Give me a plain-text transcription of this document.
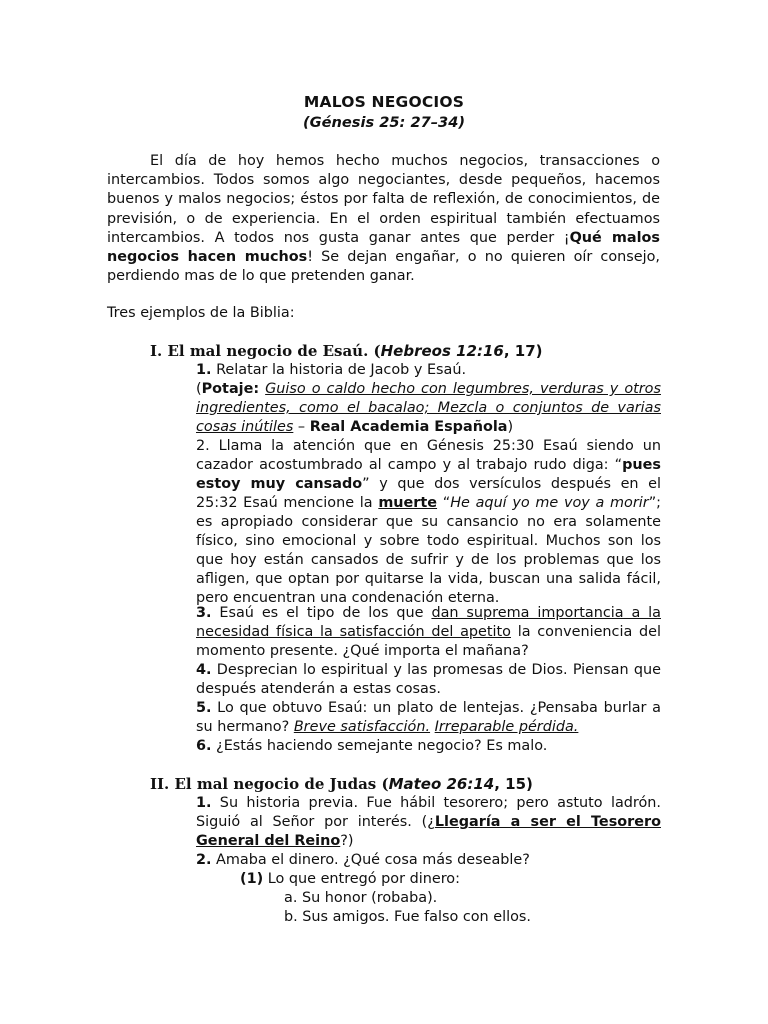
MALOS NEGOCIOS
(Génesis 25: 27–34)

El día de hoy hemos hecho muchos negocios, transacciones o intercambios. Todos somos algo negociantes, desde pequeños, hacemos buenos y malos negocios; éstos por falta de reflexión, de conocimientos, de previsión, o de experiencia. En el orden espiritual también efectuamos intercambios. A todos nos gusta ganar antes que perder ¡Qué malos negocios hacen muchos! Se dejan engañar, o no quieren oír consejo, perdiendo mas de lo que pretenden ganar.

Tres ejemplos de la Biblia:
I. El mal negocio de Esaú. (Hebreos 12:16, 17)
1. Relatar la historia de Jacob y Esaú.

(Potaje: Guiso o caldo hecho con legumbres, verduras y otros ingredientes, como el bacalao; Mezcla o conjuntos de varias cosas inútiles – Real Academia Española)

2. Llama la atención que en Génesis 25:30 Esaú siendo un cazador acostumbrado al campo y al trabajo rudo diga: “pues estoy muy cansado” y que dos versículos después en el 25:32 Esaú mencione la muerte “He aquí yo me voy a morir”; es apropiado considerar que su cansancio no era solamente físico, sino emocional y sobre todo espiritual. Muchos son los que hoy están cansados de sufrir y de los problemas que los afligen, que optan por quitarse la vida, buscan una salida fácil, pero encuentran una condenación eterna.

3. Esaú es el tipo de los que dan suprema importancia a la necesidad física la satisfacción del apetito la conveniencia del momento presente. ¿Qué importa el mañana?

4. Desprecian lo espiritual y las promesas de Dios. Piensan que después atenderán a estas cosas.

5. Lo que obtuvo Esaú: un plato de lentejas. ¿Pensaba burlar a su hermano? Breve satisfacción. Irreparable pérdida.

6. ¿Estás haciendo semejante negocio? Es malo.
II. El mal negocio de Judas (Mateo 26:14, 15)

1. Su historia previa. Fue hábil tesorero; pero astuto ladrón. Siguió al Señor por interés. (¿Llegaría a ser el Tesorero General del Reino?)

2. Amaba el dinero. ¿Qué cosa más deseable?
(1) Lo que entregó por dinero:
a. Su honor (robaba).
b. Sus amigos. Fue falso con ellos.
